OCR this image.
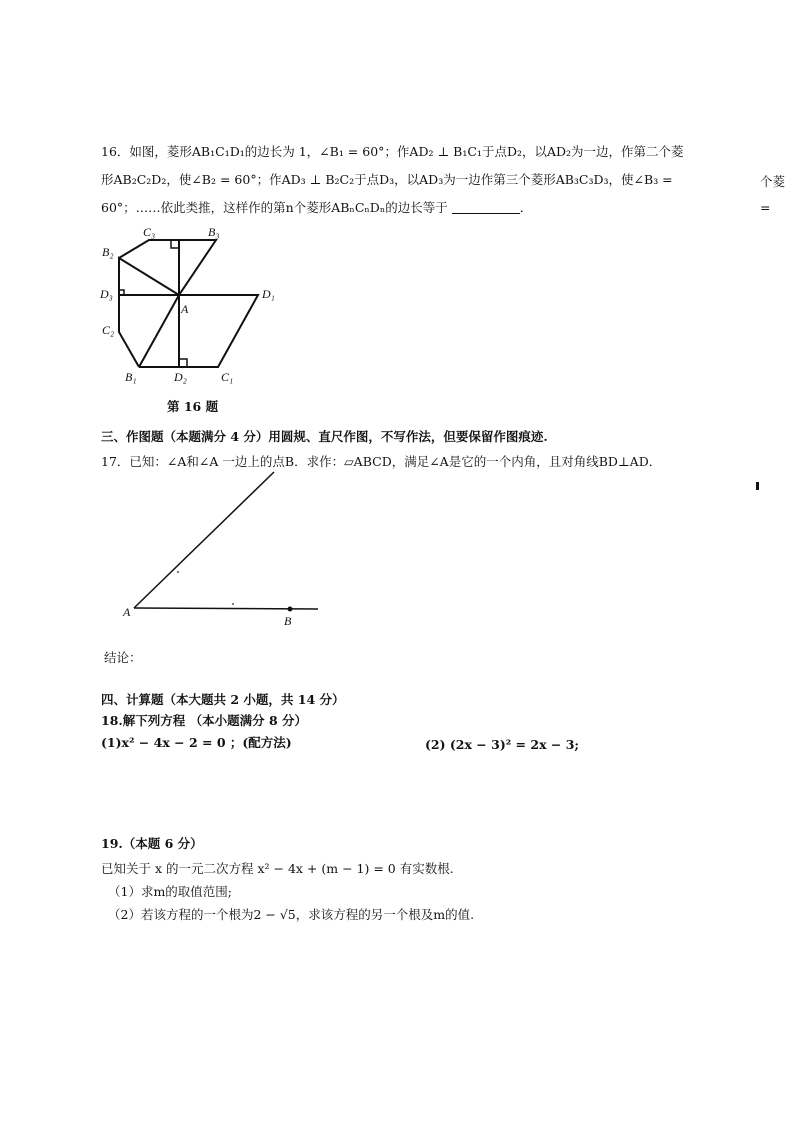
16．如图，菱形AB₁C₁D₁的边长为 1，∠B₁ = 60°；作AD₂ ⊥ B₁C₁于点D₂，以AD₂为一边，作第二个菱
形AB₂C₂D₂，使∠B₂ = 60°；作AD₃ ⊥ B₂C₂于点D₃，以AD₃为一边作第三个菱形AB₃C₃D₃，使∠B₃ =
60°；……依此类推，这样作的第n个菱形ABₙCₙDₙ的边长等于	．
个菱
=
C₃	B₃
B₂
D₃
A
D₁
C₂
B₁	D₂	C₁
第 16 题
三、作图题（本题满分 4 分）用圆规、直尺作图，不写作法，但要保留作图痕迹.
17．已知：∠A和∠A 一边上的点B．求作：▱ABCD，满足∠A是它的一个内角，且对角线BD⊥AD．
A
B
结论：
四、计算题（本大题共 2 小题，共 14 分）
18.解下列方程 （本小题满分 8 分）
(1)x² − 4x − 2 = 0 ；(配方法)	(2) (2x − 3)² = 2x − 3;
19.（本题 6 分）
已知关于 x 的一元二次方程 x² − 4x + (m − 1) = 0 有实数根.
（1）求m的取值范围;
（2）若该方程的一个根为2 − √5，求该方程的另一个根及m的值.
